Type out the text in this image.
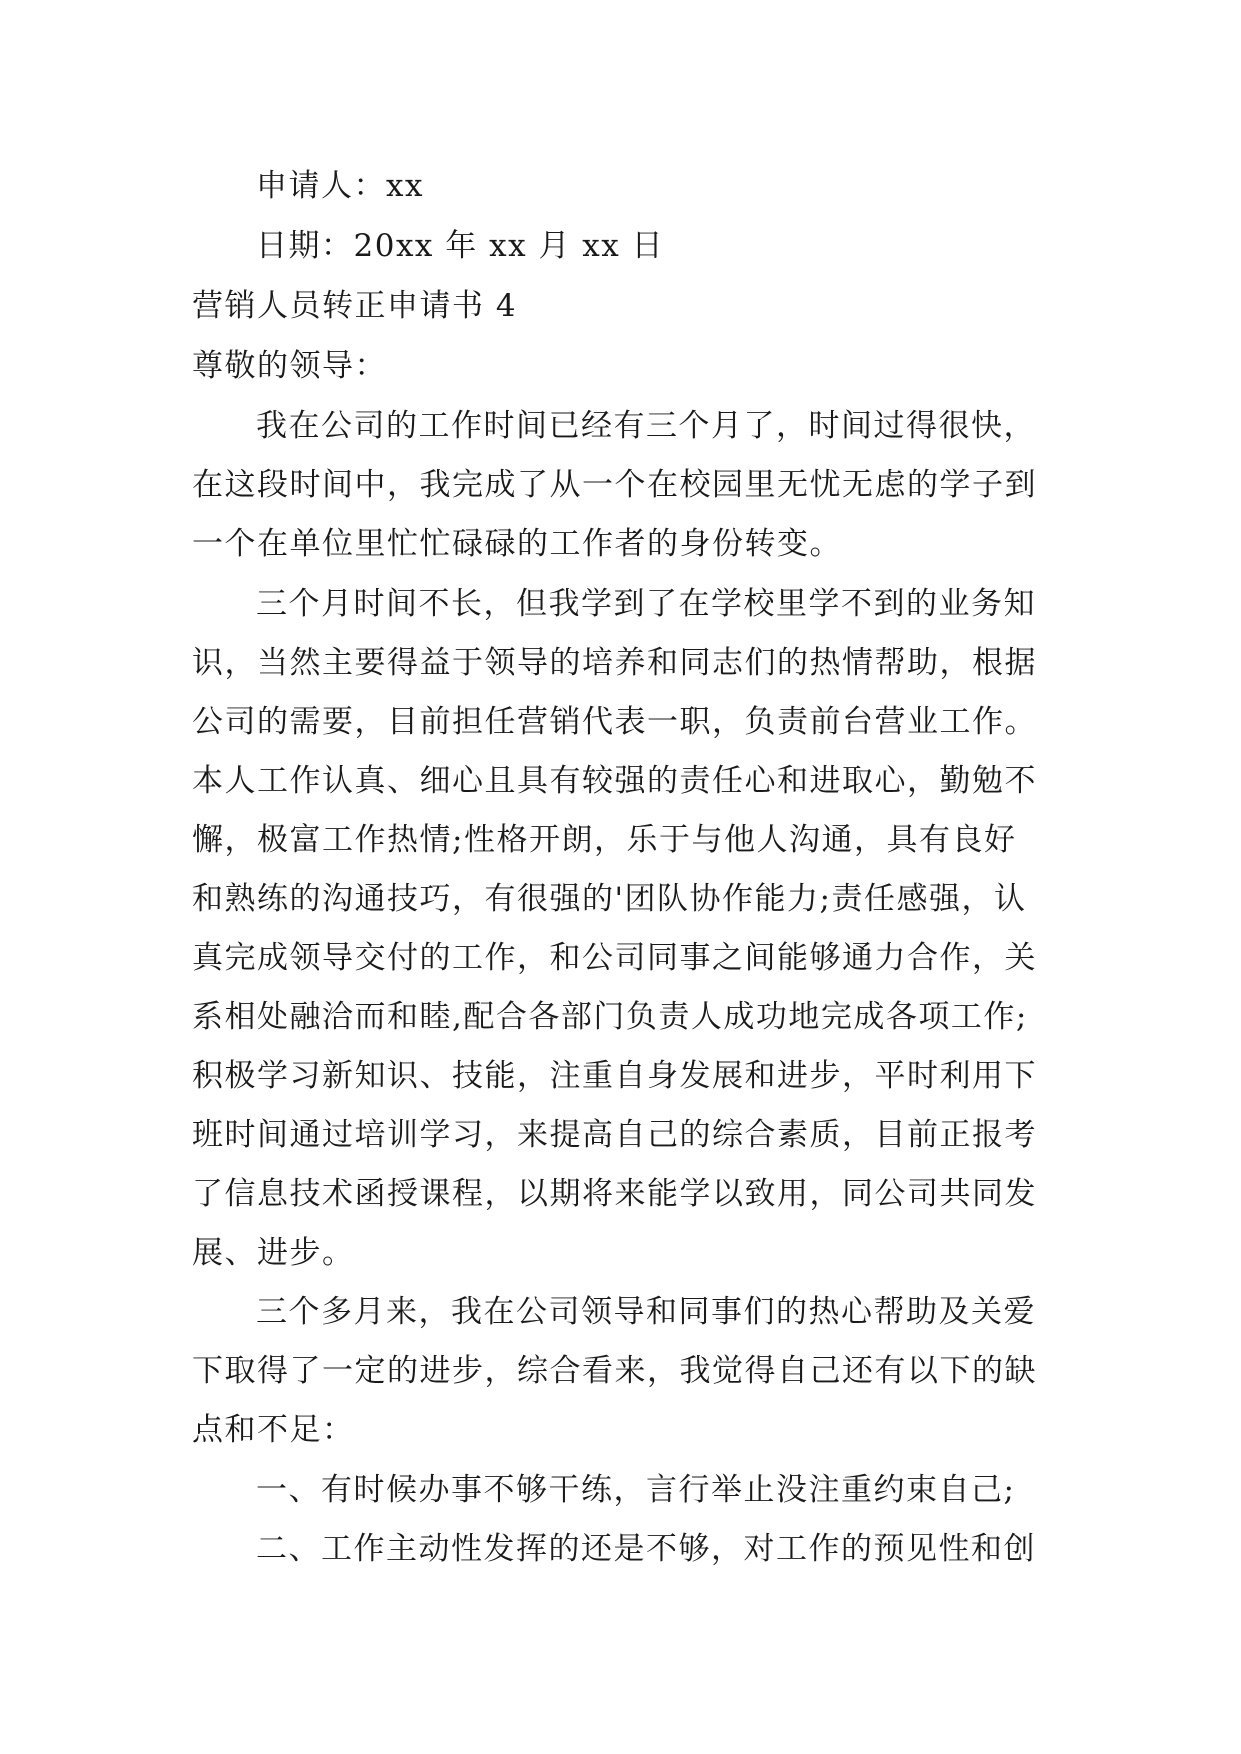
申请人：xx
日期：20xx 年 xx 月 xx 日
营销人员转正申请书 4
尊敬的领导：
我在公司的工作时间已经有三个月了，时间过得很快，
在这段时间中，我完成了从一个在校园里无忧无虑的学子到
一个在单位里忙忙碌碌的工作者的身份转变。
三个月时间不长，但我学到了在学校里学不到的业务知
识，当然主要得益于领导的培养和同志们的热情帮助，根据
公司的需要，目前担任营销代表一职，负责前台营业工作。
本人工作认真、细心且具有较强的责任心和进取心，勤勉不
懈，极富工作热情;性格开朗，乐于与他人沟通，具有良好
和熟练的沟通技巧，有很强的'团队协作能力;责任感强，认
真完成领导交付的工作，和公司同事之间能够通力合作，关
系相处融洽而和睦,配合各部门负责人成功地完成各项工作;
积极学习新知识、技能，注重自身发展和进步，平时利用下
班时间通过培训学习，来提高自己的综合素质，目前正报考
了信息技术函授课程，以期将来能学以致用，同公司共同发
展、进步。
三个多月来，我在公司领导和同事们的热心帮助及关爱
下取得了一定的进步，综合看来，我觉得自己还有以下的缺
点和不足：
一、有时候办事不够干练，言行举止没注重约束自己;
二、工作主动性发挥的还是不够，对工作的预见性和创
